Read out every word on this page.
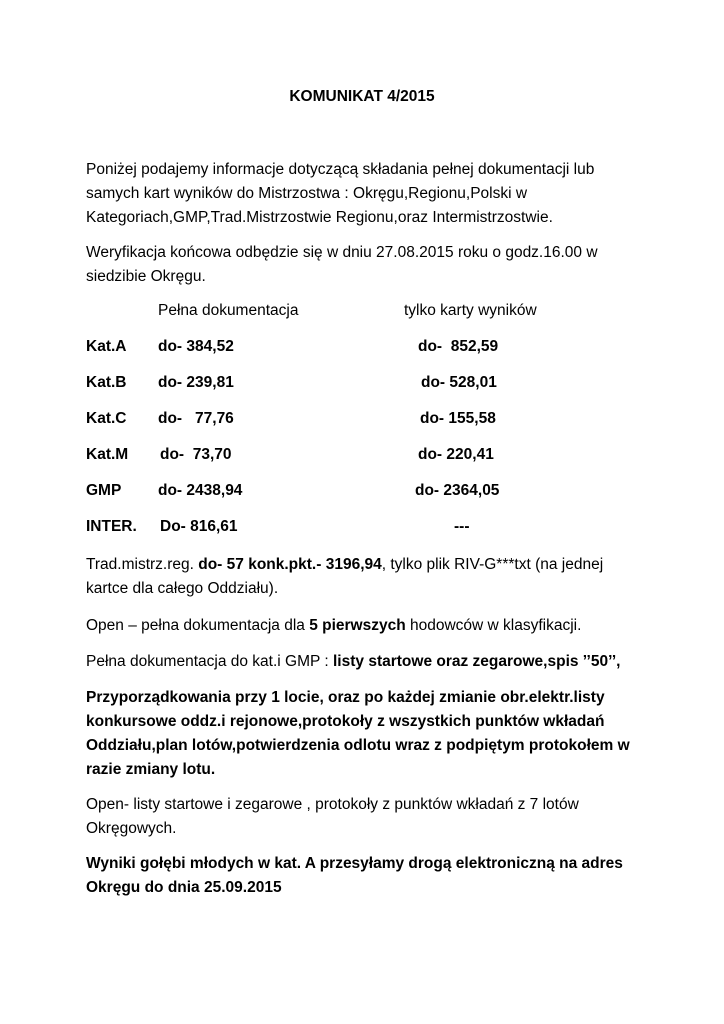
KOMUNIKAT 4/2015

Poniżej podajemy informacje dotyczącą składania pełnej dokumentacji lub samych kart wyników do Mistrzostwa : Okręgu,Regionu,Polski w Kategoriach,GMP,Trad.Mistrzostwie Regionu,oraz Intermistrzostwie.

Weryfikacja końcowa odbędzie się w dniu 27.08.2015 roku o godz.16.00 w siedzibie Okręgu.

Pełna dokumentacja	tylko karty wyników
Kat.A do- 384,52	do-  852,59
Kat.B do- 239,81	do- 528,01
Kat.C do-   77,76	do- 155,58
Kat.M do-  73,70	do- 220,41
GMP do- 2438,94	do- 2364,05
INTER. Do- 816,61	---

Trad.mistrz.reg. do- 57 konk.pkt.- 3196,94, tylko plik RIV-G***txt (na jednej kartce dla całego Oddziału).

Open – pełna dokumentacja dla 5 pierwszych hodowców w klasyfikacji.

Pełna dokumentacja do kat.i GMP : listy startowe oraz zegarowe,spis ’’50’’,

Przyporządkowania przy 1 locie, oraz po każdej zmianie obr.elektr.listy konkursowe oddz.i rejonowe,protokoły z wszystkich punktów wkładań Oddziału,plan lotów,potwierdzenia odlotu wraz z podpiętym protokołem w razie zmiany lotu.

Open- listy startowe i zegarowe , protokoły z punktów wkładań z 7 lotów Okręgowych.

Wyniki gołębi młodych w kat. A przesyłamy drogą elektroniczną na adres Okręgu do dnia 25.09.2015
